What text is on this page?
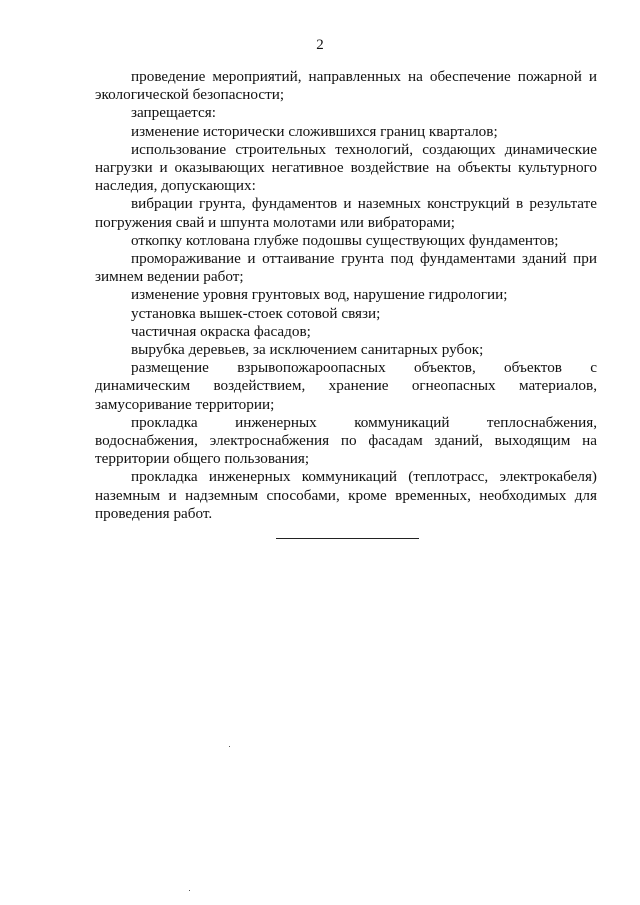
2

проведение мероприятий, направленных на обеспечение пожарной и экологической безопасности;

запрещается:

изменение исторически сложившихся границ кварталов;

использование строительных технологий, создающих динамические нагрузки и оказывающих негативное воздействие на объекты культурного наследия, допускающих:

вибрации грунта, фундаментов и наземных конструкций в результате погружения свай и шпунта молотами или вибраторами;

откопку котлована глубже подошвы существующих фундаментов;

промораживание и оттаивание грунта под фундаментами зданий при зимнем ведении работ;

изменение уровня грунтовых вод, нарушение гидрологии;

установка вышек-стоек сотовой связи;

частичная окраска фасадов;

вырубка деревьев, за исключением санитарных рубок;

размещение взрывопожароопасных объектов, объектов с динамическим воздействием, хранение огнеопасных материалов, замусоривание территории;

прокладка инженерных коммуникаций теплоснабжения, водоснабжения, электроснабжения по фасадам зданий, выходящим на территории общего пользования;

прокладка инженерных коммуникаций (теплотрасс, электрокабеля) наземным и надземным способами, кроме временных, необходимых для проведения работ.
